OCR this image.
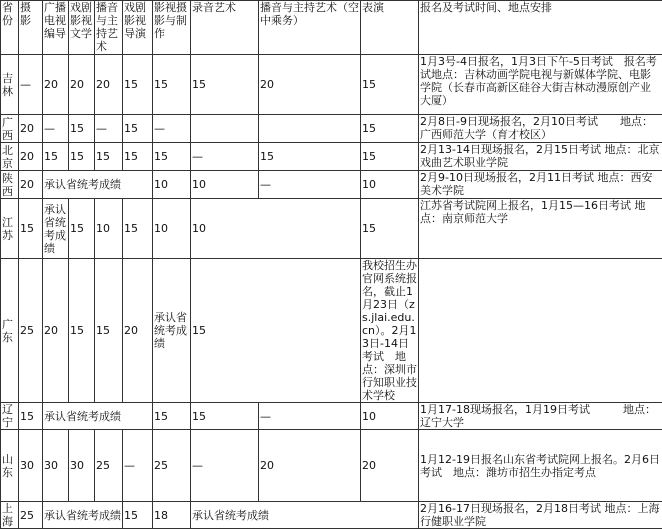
省份	摄影	广播电视编导	戏剧影视文学	播音与主持艺术	戏剧影视导演	影视摄影与制作	录音艺术	播音与主持艺术（空中乘务）	表演	报名及考试时间、地点安排
吉林	—	20	20	20	15	15	15	20	15	1月3号-4日报名，1月3日下午-5日考试　报名考试地点：吉林动画学院电视与新媒体学院、电影学院（长春市高新区硅谷大街吉林动漫原创产业大厦）
广西	20	—	15	—	15	—			15	2月8日-9日现场报名，2月10日考试　　地点：广西师范大学（育才校区）
北京	20	15	15	15	15	15	—	15	15	2月13-14日现场报名，2月15日考试 地点：北京戏曲艺术职业学院
陕西	20	承认省统考成绩				10	10	—	10	2月9-10日现场报名，2月11日考试 地点：西安美术学院
江苏	15	承认省统考成绩	15	10	15	10	10		15	江苏省考试院网上报名，1月15—16日考试 地点：南京师范大学
广东	25	20	15	15	20	承认省统考成绩	15		我校招生办官网系统报名，截止1月23日（zs.jlai.edu.cn）。2月13日-14日考试　地点：深圳市行知职业技术学校	
辽宁	15	承认省统考成绩				15	15	—	10	1月17-18现场报名，1月19日考试　　　地点：辽宁大学
山东	30	30	30	25	—	25	—	20	20	1月12-19日报名山东省考试院网上报名。2月6日考试　地点：潍坊市招生办指定考点
上海	25	承认省统考成绩			15	18	承认省统考成绩			2月16-17日现场报名，2月18日考试 地点：上海行健职业学院
